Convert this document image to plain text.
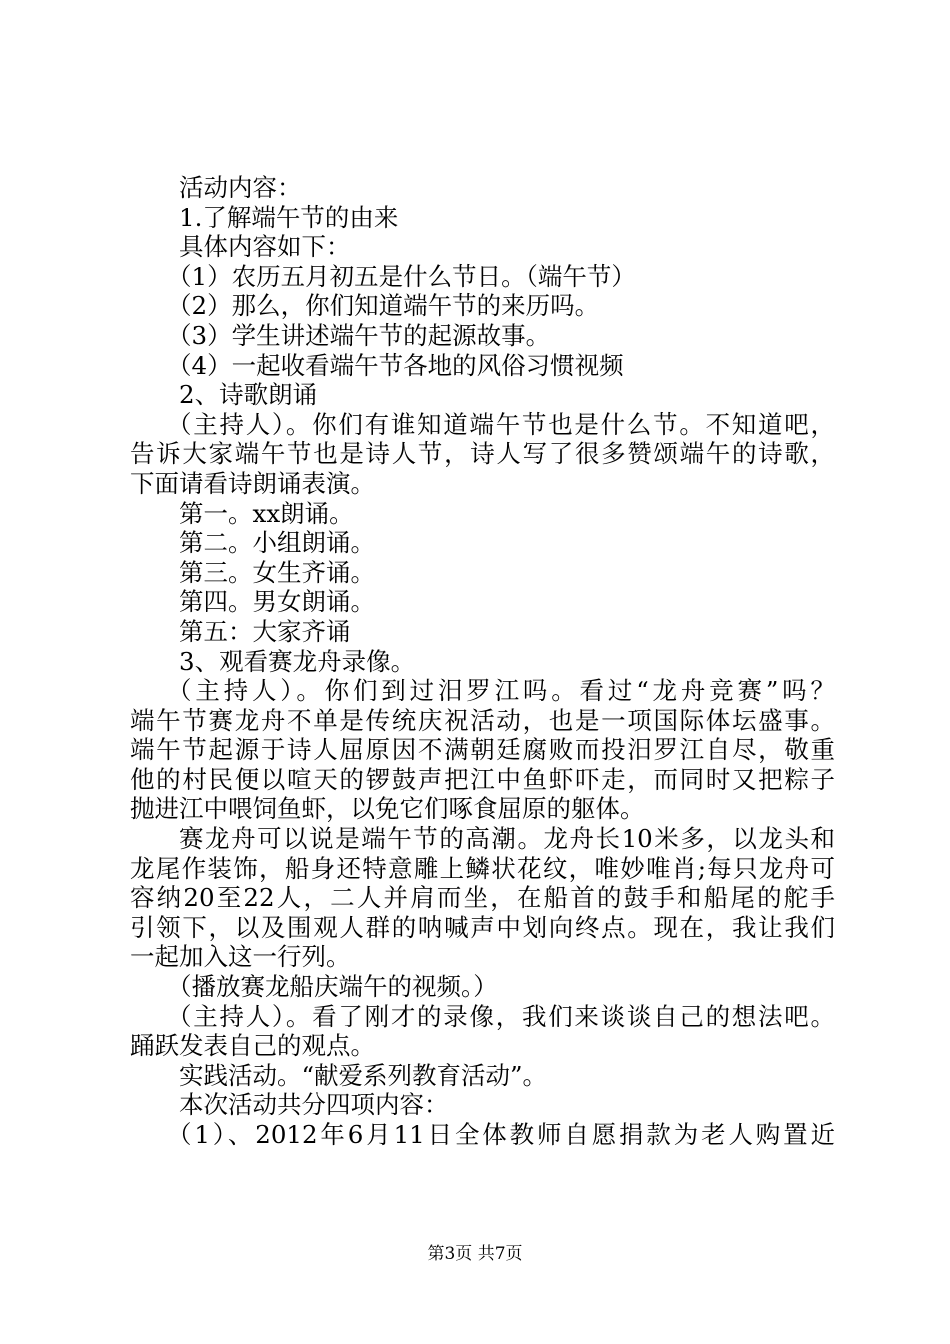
活动内容：
1.了解端午节的由来
具体内容如下：
（1）农历五月初五是什么节日。（端午节）
（2）那么，你们知道端午节的来历吗。
（3）学生讲述端午节的起源故事。
（4）一起收看端午节各地的风俗习惯视频
2、诗歌朗诵
（主持人）。你们有谁知道端午节也是什么节。不知道吧，
告诉大家端午节也是诗人节，诗人写了很多赞颂端午的诗歌，
下面请看诗朗诵表演。
第一。xx朗诵。
第二。小组朗诵。
第三。女生齐诵。
第四。男女朗诵。
第五：大家齐诵
3、观看赛龙舟录像。
（主持人）。你们到过汨罗江吗。看过“龙舟竞赛”吗？
端午节赛龙舟不单是传统庆祝活动，也是一项国际体坛盛事。
端午节起源于诗人屈原因不满朝廷腐败而投汨罗江自尽，敬重
他的村民便以喧天的锣鼓声把江中鱼虾吓走，而同时又把粽子
抛进江中喂饲鱼虾，以免它们啄食屈原的躯体。
赛龙舟可以说是端午节的高潮。龙舟长10米多，以龙头和
龙尾作装饰，船身还特意雕上鳞状花纹，唯妙唯肖;每只龙舟可
容纳20至22人，二人并肩而坐，在船首的鼓手和船尾的舵手
引领下，以及围观人群的呐喊声中划向终点。现在，我让我们
一起加入这一行列。
（播放赛龙船庆端午的视频。）
（主持人）。看了刚才的录像，我们来谈谈自己的想法吧。
踊跃发表自己的观点。
实践活动。“献爱系列教育活动”。
本次活动共分四项内容：
（1）、2012年6月11日全体教师自愿捐款为老人购置近
第3页 共7页
